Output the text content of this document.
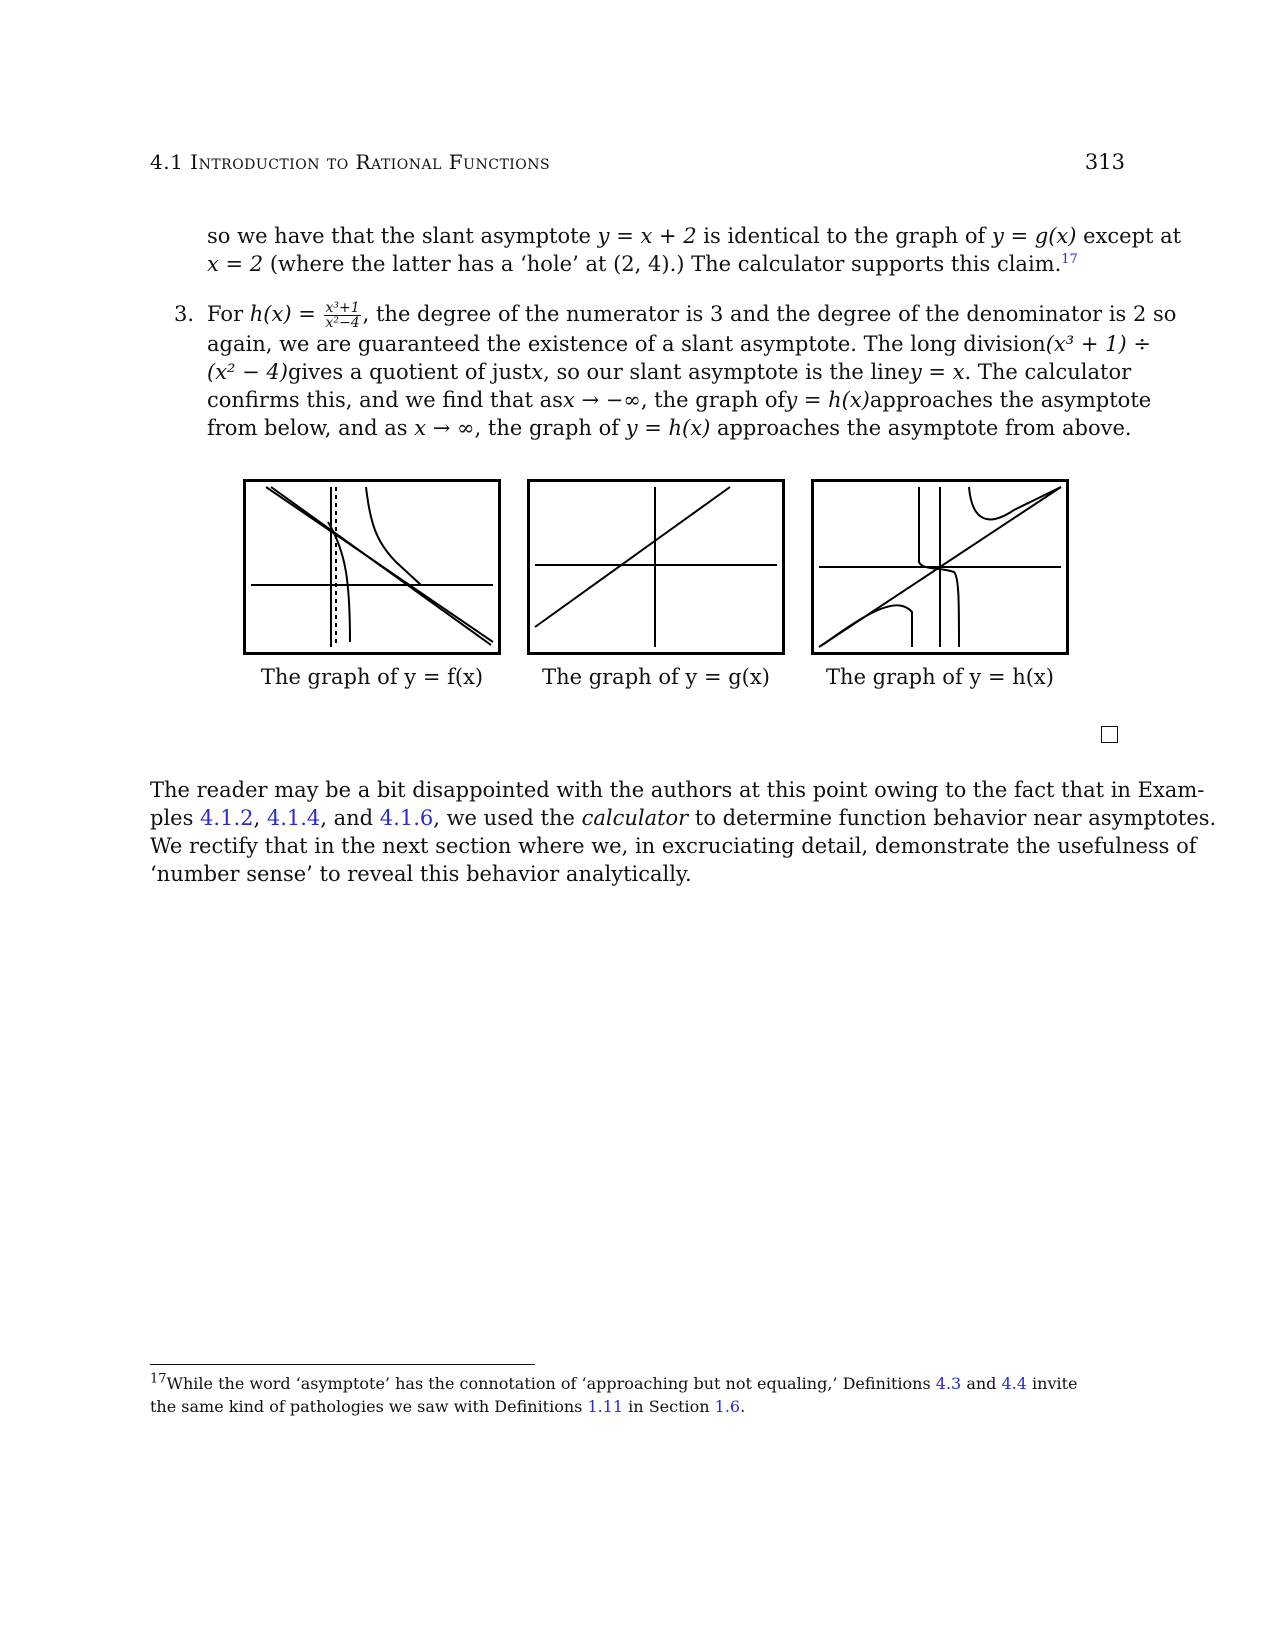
4.1 Introduction to Rational Functions	313
so we have that the slant asymptote y = x + 2 is identical to the graph of y = g(x) except at
x = 2 (where the latter has a ‘hole’ at (2, 4).) The calculator supports this claim.$^{17}$
3. For $h(x) = \frac{\text{x³+1}}{\text{x²−4}}$ , the degree of the numerator is 3 and the degree of the denominator is 2 so
again, we are guaranteed the existence of a slant asymptote. The long division (x³ + 1) ÷
(x² − 4) gives a quotient of just x , so our slant asymptote is the line y = x . The calculator
confirms this, and we find that as x → −∞ , the graph of y = h(x) approaches the asymptote
from below, and as x → ∞, the graph of y = h(x) approaches the asymptote from above.
The graph of y = f(x)	The graph of y = g(x)	The graph of y = h(x)
The reader may be a bit disappointed with the authors at this point owing to the fact that in Exam-
ples 4.1.2, 4.1.4, and 4.1.6, we used the calculator to determine function behavior near asymptotes.
We rectify that in the next section where we, in excruciating detail, demonstrate the usefulness of
‘number sense’ to reveal this behavior analytically.
$^{17}$While the word ‘asymptote’ has the connotation of ‘approaching but not equaling,’ Definitions 4.3 and 4.4 invite
the same kind of pathologies we saw with Definitions 1.11 in Section 1.6.
